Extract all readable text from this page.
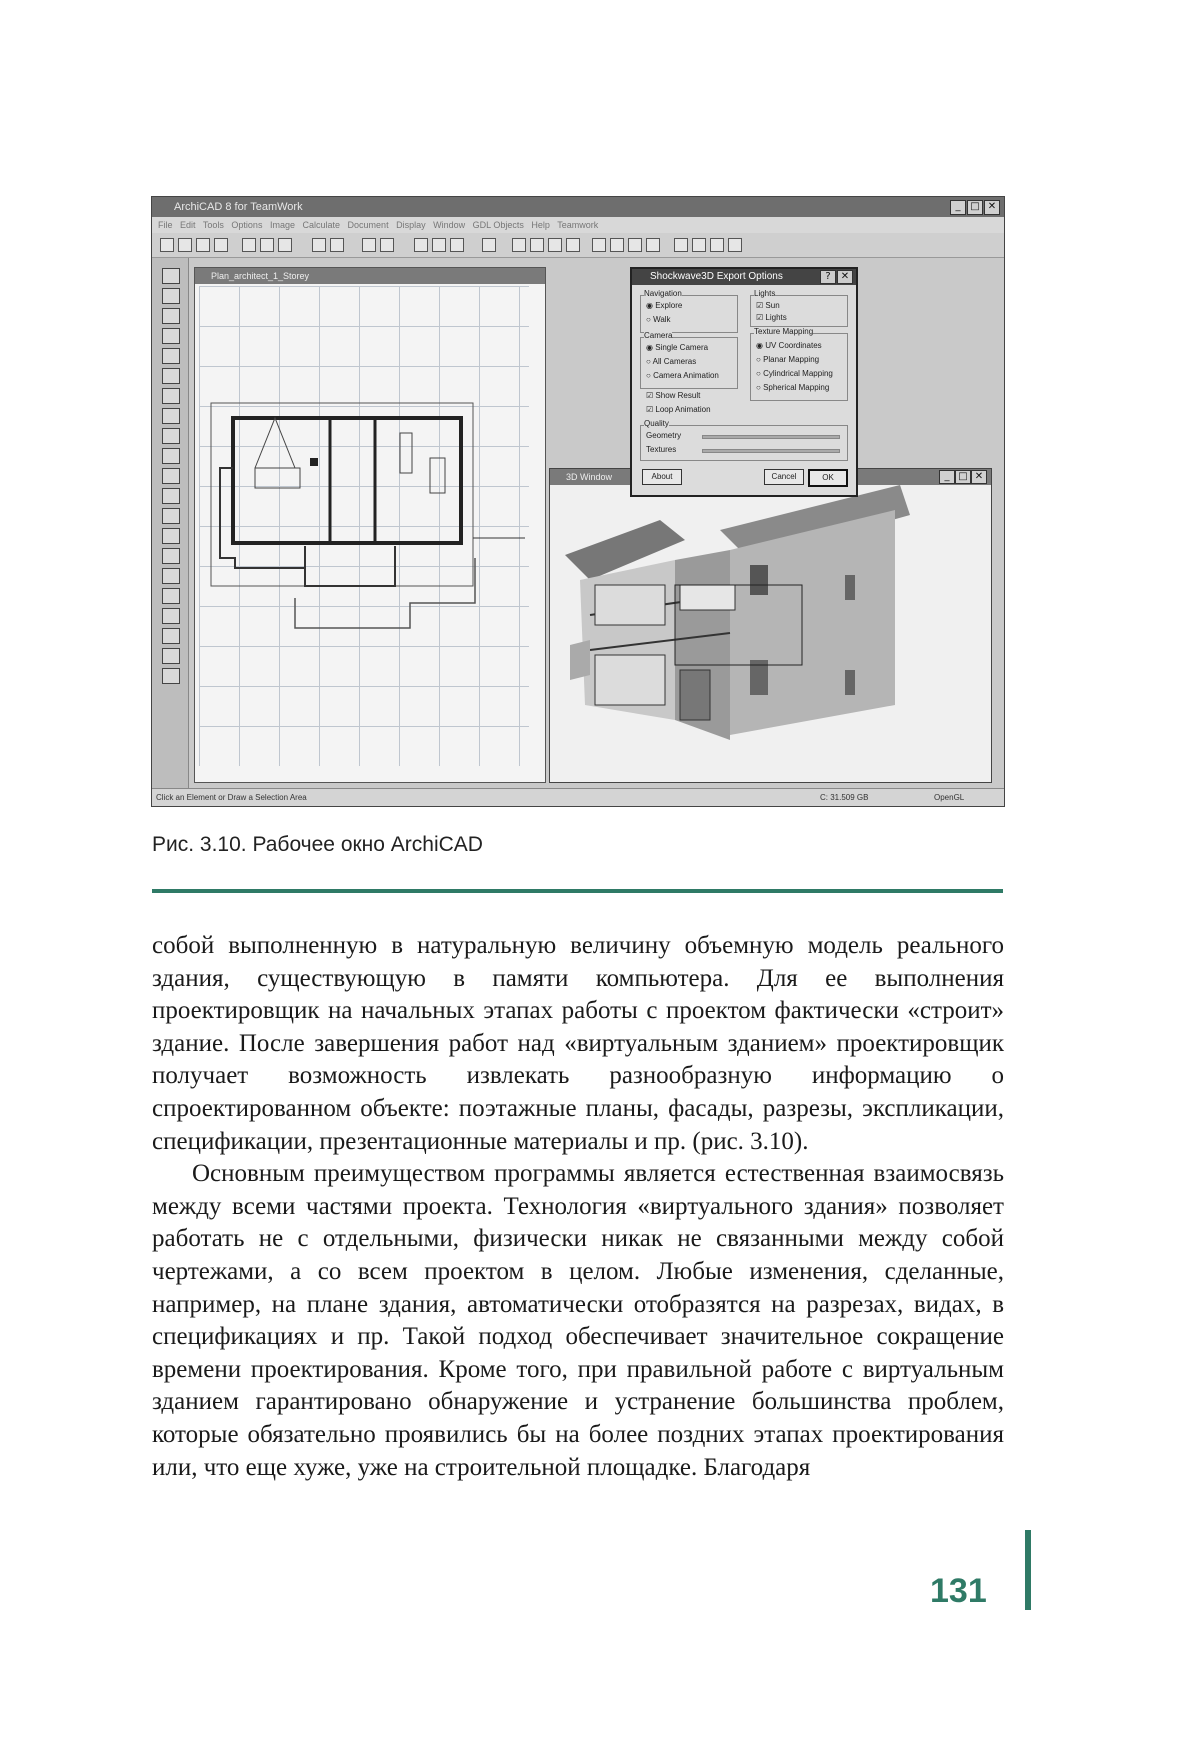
ArchiCAD 8 for TeamWork	_ □ ✕
File Edit Tools Options Image Calculate Document Display Window GDL Objects Help Teamwork
Plan_architect_1_Storey
3D Window	_ □ ✕
Shockwave3D Export Options	?	✕
Navigation
◉ Explore
○ Walk
Camera
◉ Single Camera
○ All Cameras
○ Camera Animation
☑ Show Result
☑ Loop Animation
Lights
☑ Sun
☑ Lights
Texture Mapping
◉ UV Coordinates
○ Planar Mapping
○ Cylindrical Mapping
○ Spherical Mapping
Quality
Geometry
Textures
About	Cancel	OK
Click an Element or Draw a Selection Area	C: 31.509 GB	OpenGL
Рис. 3.10. Рабочее окно ArchiCAD

собой выполненную в натуральную величину объемную модель реального здания, существующую в памяти компьютера. Для ее выполнения проектировщик на начальных этапах работы с проектом фактически «строит» здание. После завершения работ над «виртуальным зданием» проектировщик получает возможность извлекать разнообразную информацию о спроектированном объекте: поэтажные планы, фасады, разрезы, экспликации, спецификации, презентационные материалы и пр. (рис. 3.10).

Основным преимуществом программы является естественная взаимосвязь между всеми частями проекта. Технология «виртуального здания» позволяет работать не с отдельными, физически никак не связанными между собой чертежами, а со всем проектом в целом. Любые изменения, сделанные, например, на плане здания, автоматически отобразятся на разрезах, видах, в спецификациях и пр. Такой подход обеспечивает значительное сокращение времени проектирования. Кроме того, при правильной работе с виртуальным зданием гарантировано обнаружение и устранение большинства проблем, которые обязательно проявились бы на более поздних этапах проектирования или, что еще хуже, уже на строительной площадке. Благодаря

131
